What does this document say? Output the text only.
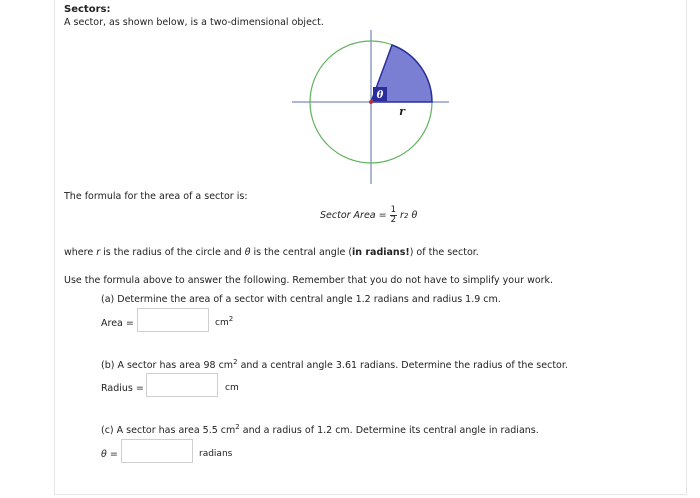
Sectors:
A sector, as shown below, is a two-dimensional object.
θ
r
The formula for the area of a sector is:
Sector Area = $\frac{1}{2}$ r 2
θ
where r is the radius of the circle and θ is the central angle (in radians!) of the sector.
Use the formula above to answer the following. Remember that you do not have to simplify your work.
(a) Determine the area of a sector with central angle 1.2 radians and radius 1.9 cm.
Area =	$cm^2$
(b) A sector has area 98 $cm^2$ and a central angle 3.61 radians. Determine the radius of the sector.
Radius =	cm
(c) A sector has area 5.5 $cm^2$ and a radius of 1.2 cm. Determine its central angle in radians.
θ =	radians
